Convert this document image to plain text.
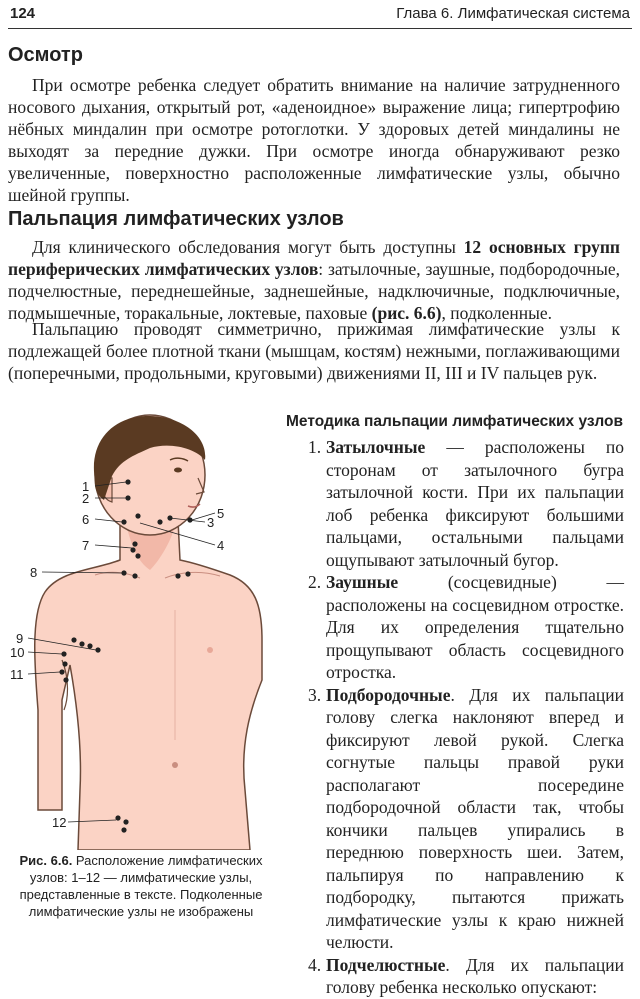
124	Глава 6. Лимфатическая система
Осмотр

При осмотре ребенка следует обратить внимание на наличие затрудненного носового дыхания, открытый рот, «аденоидное» выражение лица; гипертрофию нёбных миндалин при осмотре ротоглотки. У здоровых детей миндалины не выходят за передние дужки. При осмотре иногда обнаруживают резко увеличенные, поверхностно расположенные лимфатические узлы, обычно шейной группы.

Пальпация лимфатических узлов

Для клинического обследования могут быть доступны 12 основных групп периферических лимфатических узлов: затылочные, заушные, подбородочные, подчелюстные, переднешейные, заднешейные, надключичные, подключичные, подмышечные, торакальные, локтевые, паховые (рис. 6.6), подколенные.

Пальпацию проводят симметрично, прижимая лимфатические узлы к подлежащей более плотной ткани (мышцам, костям) нежными, поглаживающими (поперечными, продольными, круговыми) движениями II, III и IV пальцев рук.

1
2
3
4
5
6
7
8
9
10
11
12
Рис. 6.6. Расположение лимфатических узлов: 1–12 — лимфатические узлы, представленные в тексте. Подколенные лимфатические узлы не изображены
Методика пальпации лимфатических узлов
1. Затылочные — расположены по сторонам от затылочного бугра затылочной кости. При их пальпации лоб ребенка фиксируют большими пальцами, остальными пальцами ощупывают затылочный бугор.
2. Заушные (сосцевидные) — расположены на сосцевидном отростке. Для их определения тщательно прощупывают область сосцевидного отростка.
3. Подбородочные. Для их пальпации голову слегка наклоняют вперед и фиксируют левой рукой. Слегка согнутые пальцы правой руки располагают посередине подбородочной области так, чтобы кончики пальцев упирались в переднюю поверхность шеи. Затем, пальпируя по направлению к подбородку, пытаются прижать лимфатические узлы к краю нижней челюсти.
4. Подчелюстные. Для их пальпации голову ребенка несколько опускают:
